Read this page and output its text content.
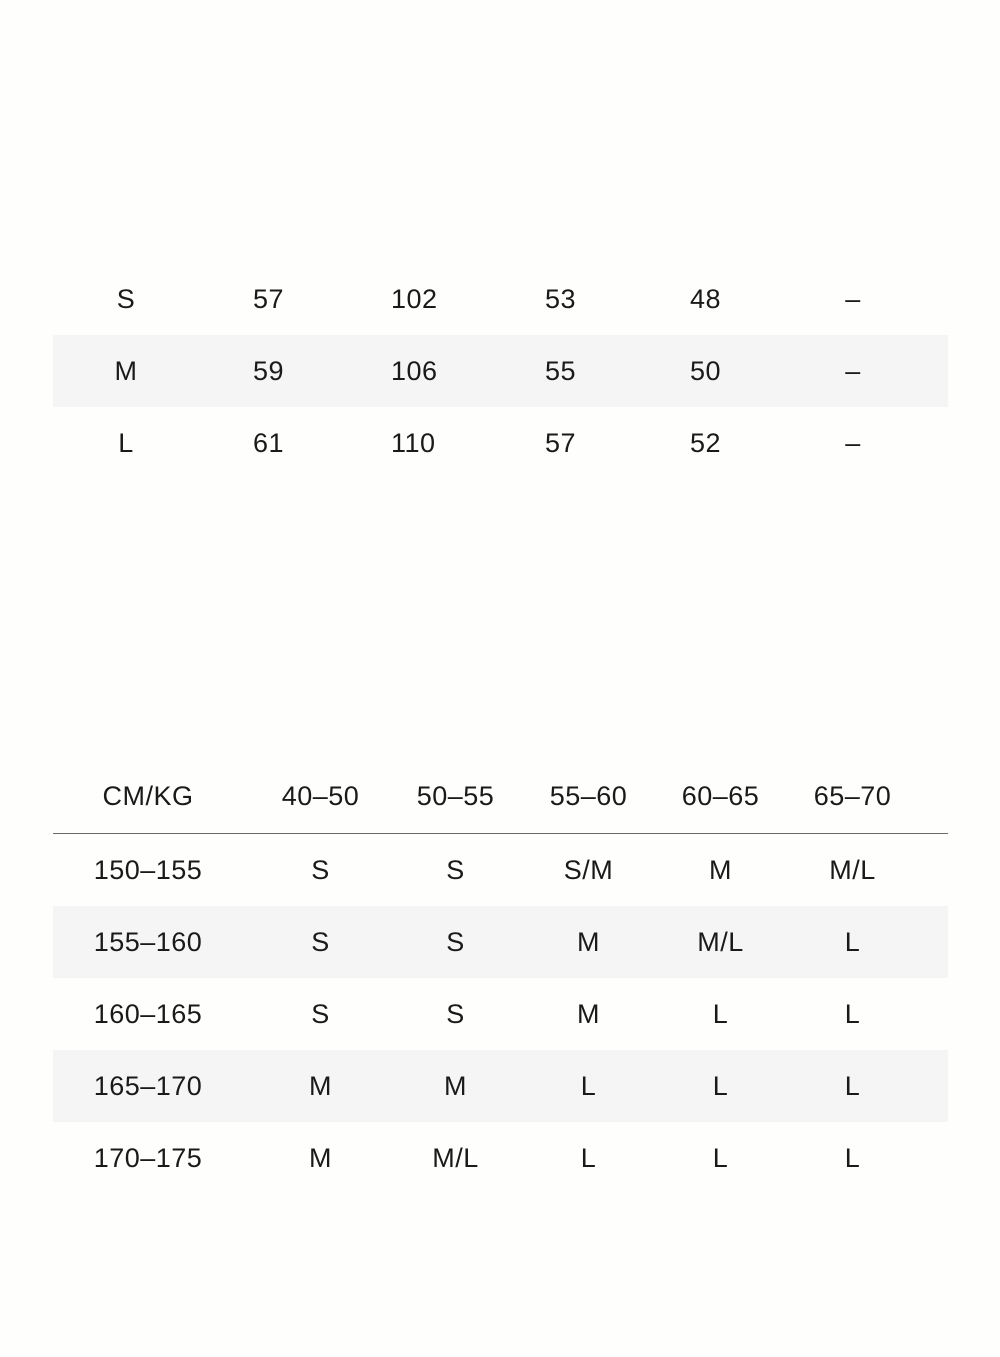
S	57	102	53	48	–
M	59	106	55	50	–
L	61	110	57	52	–
CM/KG	40–50	50–55	55–60	60–65	65–70
150–155	S	S	S/M	M	M/L
155–160	S	S	M	M/L	L
160–165	S	S	M	L	L
165–170	M	M	L	L	L
170–175	M	M/L	L	L	L
